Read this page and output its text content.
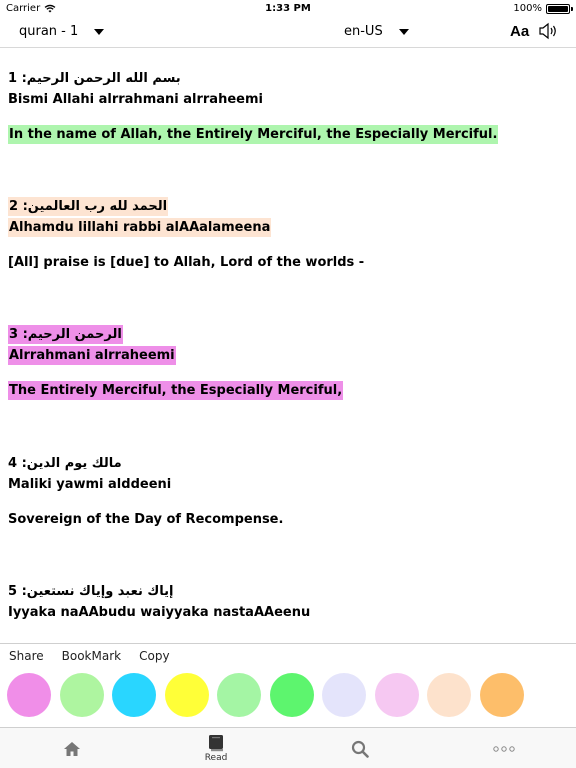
Carrier	1:33 PM	100%
quran - 1	en-US	Aa
بسم الله الرحمن الرحيم: 1
Bismi Allahi alrrahmani alrraheemi
In the name of Allah, the Entirely Merciful, the Especially Merciful.
الحمد لله رب العالمين: 2
Alhamdu lillahi rabbi alAAalameena
[All] praise is [due] to Allah, Lord of the worlds -
الرحمن الرحيم: 3
Alrrahmani alrraheemi
The Entirely Merciful, the Especially Merciful,
مالك يوم الدين: 4
Maliki yawmi alddeeni
Sovereign of the Day of Recompense.
إياك نعبد وإياك نستعين: 5
Iyyaka naAAbudu waiyyaka nastaAAeenu
Share BookMark Copy
Read
